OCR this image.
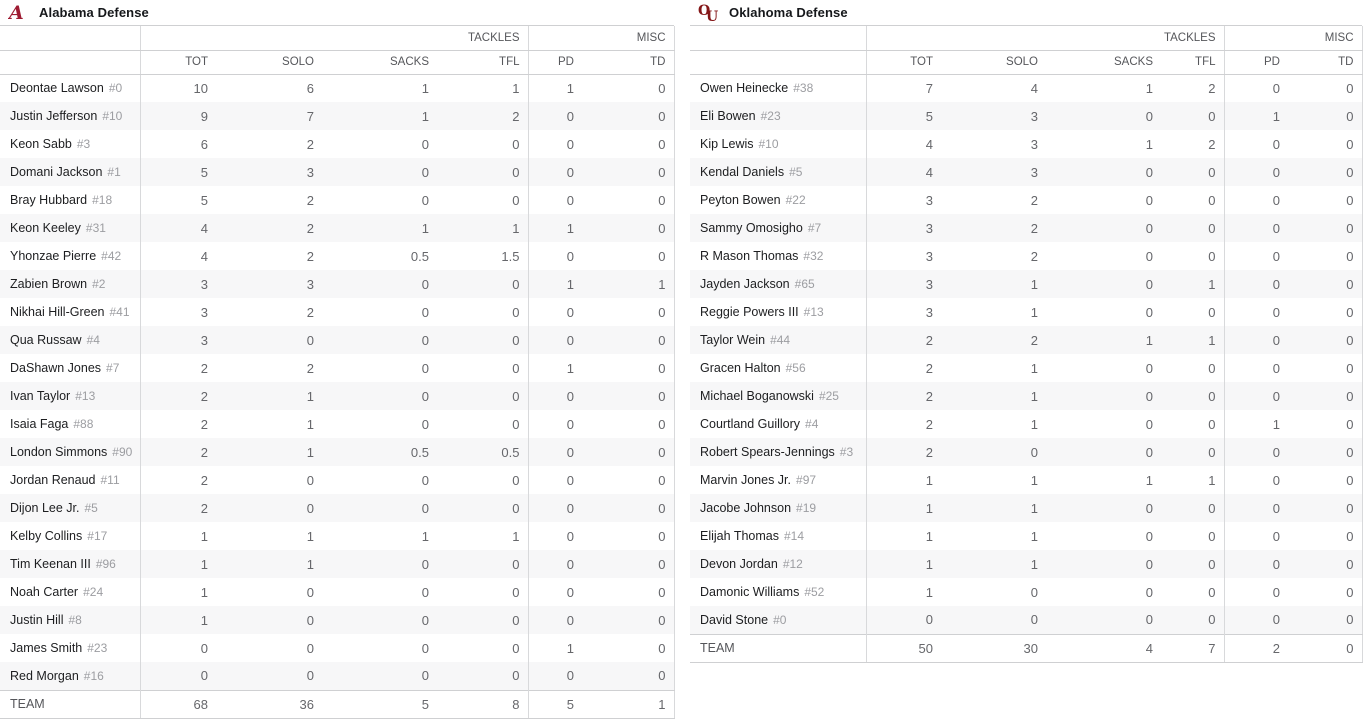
A Alabama Defense
	TACKLES				MISC	
	TOT	SOLO	SACKS	TFL	PD	TD
Deontae Lawson #0	10	6	1	1	1	0
Justin Jefferson #10	9	7	1	2	0	0
Keon Sabb #3	6	2	0	0	0	0
Domani Jackson #1	5	3	0	0	0	0
Bray Hubbard #18	5	2	0	0	0	0
Keon Keeley #31	4	2	1	1	1	0
Yhonzae Pierre #42	4	2	0.5	1.5	0	0
Zabien Brown #2	3	3	0	0	1	1
Nikhai Hill-Green #41	3	2	0	0	0	0
Qua Russaw #4	3	0	0	0	0	0
DaShawn Jones #7	2	2	0	0	1	0
Ivan Taylor #13	2	1	0	0	0	0
Isaia Faga #88	2	1	0	0	0	0
London Simmons #90	2	1	0.5	0.5	0	0
Jordan Renaud #11	2	0	0	0	0	0
Dijon Lee Jr. #5	2	0	0	0	0	0
Kelby Collins #17	1	1	1	1	0	0
Tim Keenan III #96	1	1	0	0	0	0
Noah Carter #24	1	0	0	0	0	0
Justin Hill #8	1	0	0	0	0	0
James Smith #23	0	0	0	0	1	0
Red Morgan #16	0	0	0	0	0	0
TEAM	68	36	5	8	5	1
O
U Oklahoma Defense
	TACKLES				MISC	
	TOT	SOLO	SACKS	TFL	PD	TD
Owen Heinecke #38	7	4	1	2	0	0
Eli Bowen #23	5	3	0	0	1	0
Kip Lewis #10	4	3	1	2	0	0
Kendal Daniels #5	4	3	0	0	0	0
Peyton Bowen #22	3	2	0	0	0	0
Sammy Omosigho #7	3	2	0	0	0	0
R Mason Thomas #32	3	2	0	0	0	0
Jayden Jackson #65	3	1	0	1	0	0
Reggie Powers III #13	3	1	0	0	0	0
Taylor Wein #44	2	2	1	1	0	0
Gracen Halton #56	2	1	0	0	0	0
Michael Boganowski #25	2	1	0	0	0	0
Courtland Guillory #4	2	1	0	0	1	0
Robert Spears-Jennings #3	2	0	0	0	0	0
Marvin Jones Jr. #97	1	1	1	1	0	0
Jacobe Johnson #19	1	1	0	0	0	0
Elijah Thomas #14	1	1	0	0	0	0
Devon Jordan #12	1	1	0	0	0	0
Damonic Williams #52	1	0	0	0	0	0
David Stone #0	0	0	0	0	0	0
TEAM	50	30	4	7	2	0
